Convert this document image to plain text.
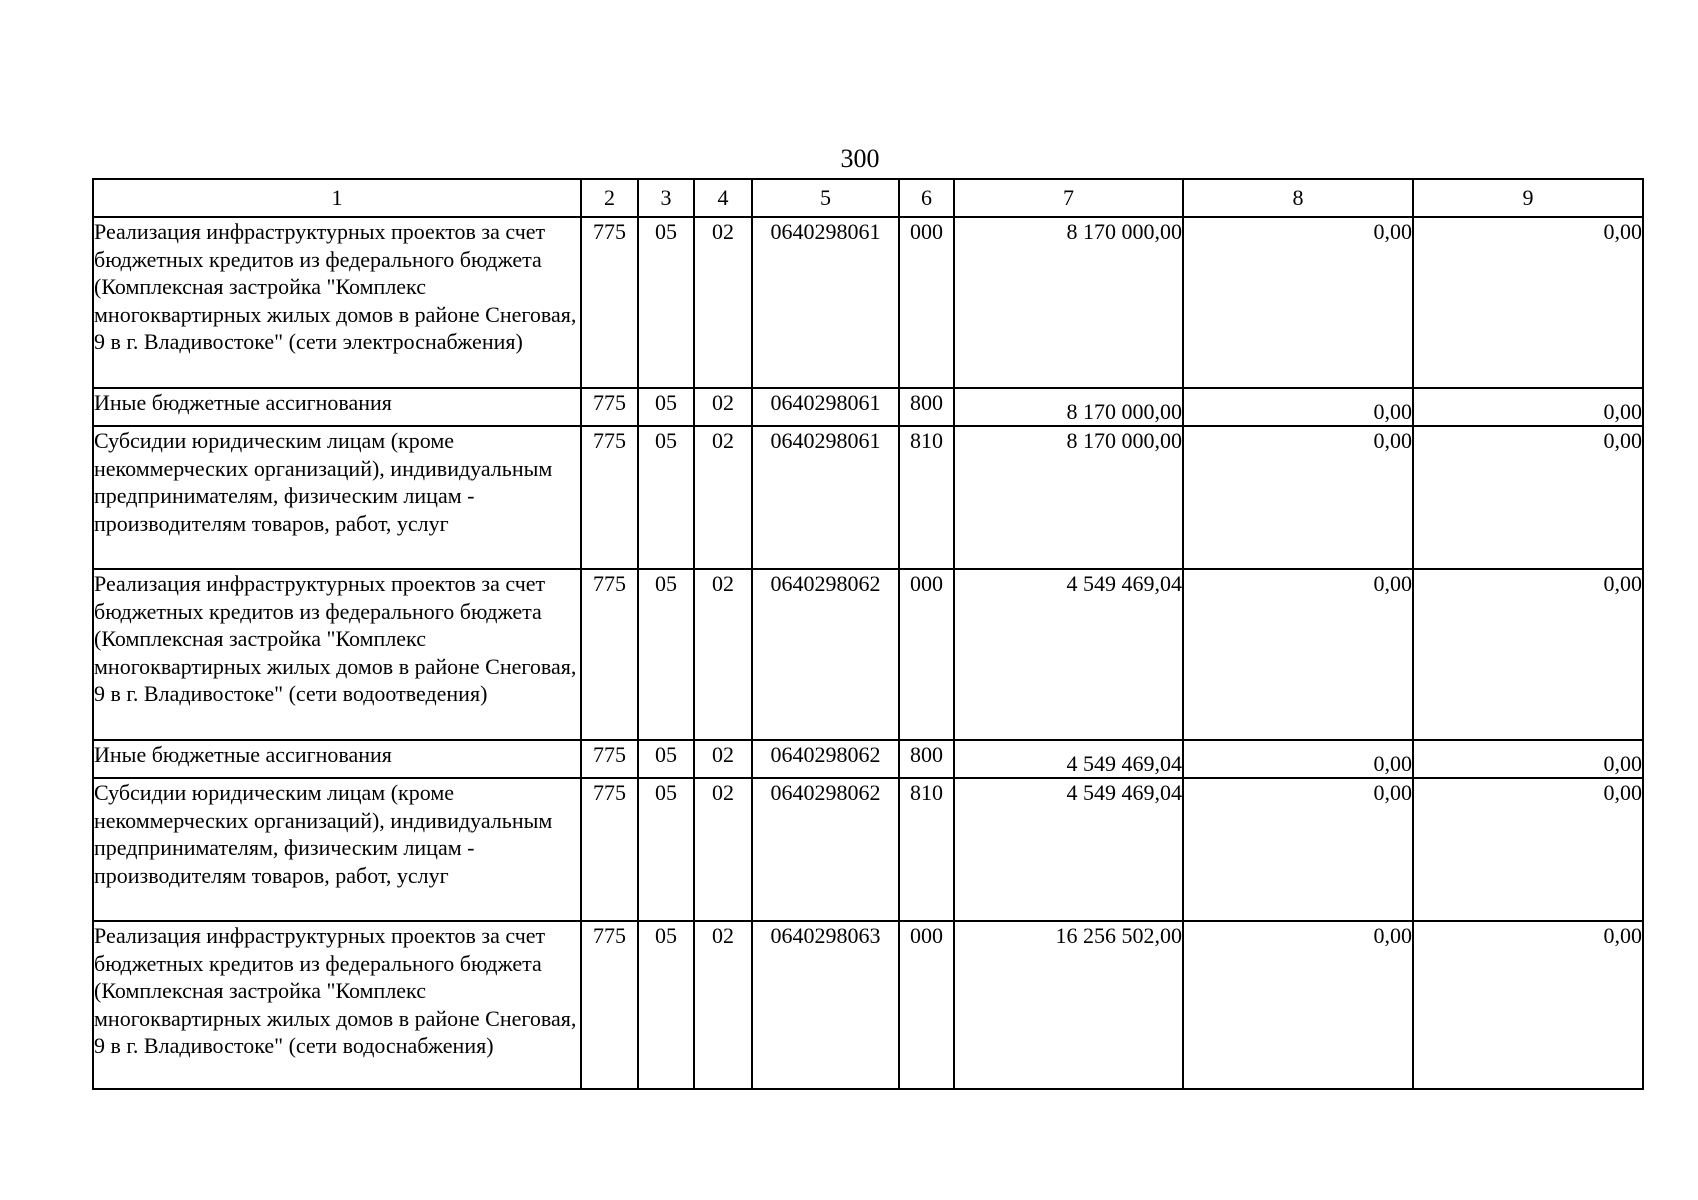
300
1	2	3	4	5	6	7	8	9
Реализация инфраструктурных проектов за счет бюджетных кредитов из федерального бюджета (Комплексная застройка "Комплекс многоквартирных жилых домов в районе Снеговая, 9 в г. Владивостоке" (сети электроснабжения)	775	05	02	0640298061	000	8 170 000,00	0,00	0,00
Иные бюджетные ассигнования	775	05	02	0640298061	800	8 170 000,00	0,00	0,00
Субсидии юридическим лицам (кроме некоммерческих организаций), индивидуальным предпринимателям, физическим лицам - производителям товаров, работ, услуг	775	05	02	0640298061	810	8 170 000,00	0,00	0,00
Реализация инфраструктурных проектов за счет бюджетных кредитов из федерального бюджета (Комплексная застройка "Комплекс многоквартирных жилых домов в районе Снеговая, 9 в г. Владивостоке" (сети водоотведения)	775	05	02	0640298062	000	4 549 469,04	0,00	0,00
Иные бюджетные ассигнования	775	05	02	0640298062	800	4 549 469,04	0,00	0,00
Субсидии юридическим лицам (кроме некоммерческих организаций), индивидуальным предпринимателям, физическим лицам - производителям товаров, работ, услуг	775	05	02	0640298062	810	4 549 469,04	0,00	0,00
Реализация инфраструктурных проектов за счет бюджетных кредитов из федерального бюджета (Комплексная застройка "Комплекс многоквартирных жилых домов в районе Снеговая, 9 в г. Владивостоке" (сети водоснабжения)	775	05	02	0640298063	000	16 256 502,00	0,00	0,00
